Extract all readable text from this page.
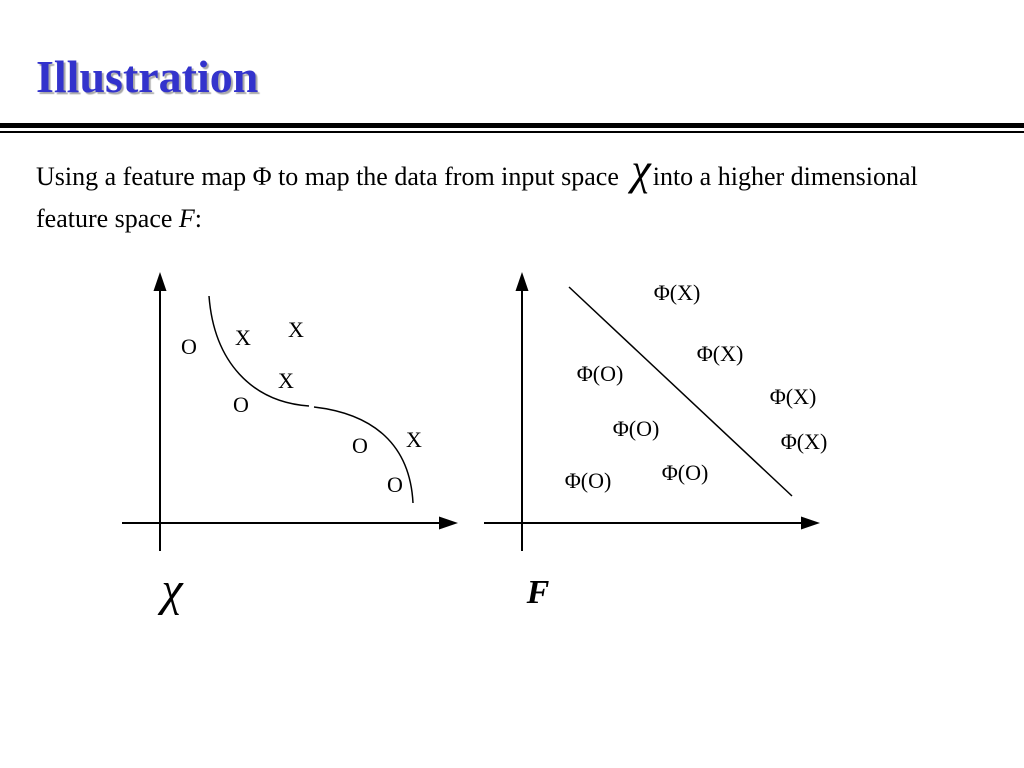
Illustration

Using a feature map Φ to map the data from input space χinto a higher dimensional feature space F:

O X X
X
O
O X
O
Φ(X)
Φ(X)
Φ(O)
Φ(X)
Φ(O)
Φ(X)
Φ(O)
Φ(O)
χ	F
